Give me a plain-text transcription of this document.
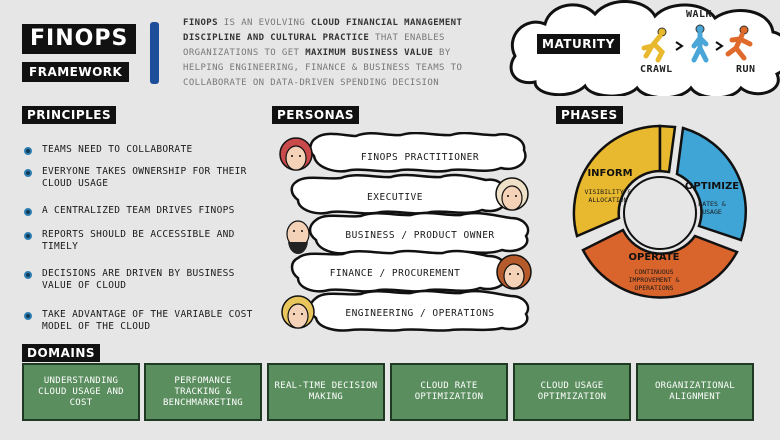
FINOPS
FRAMEWORK
FINOPS IS AN EVOLVING CLOUD FINANCIAL MANAGEMENT DISCIPLINE AND CULTURAL PRACTICE THAT ENABLES ORGANIZATIONS TO GET MAXIMUM BUSINESS VALUE BY HELPING ENGINEERING, FINANCE & BUSINESS TEAMS TO COLLABORATE ON DATA-DRIVEN SPENDING DECISION
MATURITY
CRAWL
WALK
RUN
PRINCIPLES
TEAMS NEED TO COLLABORATE
EVERYONE TAKES OWNERSHIP FOR THEIR CLOUD USAGE
A CENTRALIZED TEAM DRIVES FINOPS
REPORTS SHOULD BE ACCESSIBLE AND TIMELY
DECISIONS ARE DRIVEN BY BUSINESS VALUE OF CLOUD
TAKE ADVANTAGE OF THE VARIABLE COST MODEL OF THE CLOUD
PERSONAS
FINOPS PRACTITIONER
EXECUTIVE
BUSINESS / PRODUCT OWNER
FINANCE / PROCUREMENT
ENGINEERING / OPERATIONS
PHASES
INFORM
VISIBILITY & ALLOCATION
OPTIMIZE
RATES & USAGE
OPERATE
CONTINUOUS IMPROVEMENT & OPERATIONS
DOMAINS
UNDERSTANDING CLOUD USAGE AND COST
PERFOMANCE TRACKING & BENCHMARKETING
REAL-TIME DECISION MAKING
CLOUD RATE OPTIMIZATION
CLOUD USAGE OPTIMIZATION
ORGANIZATIONAL ALIGNMENT
